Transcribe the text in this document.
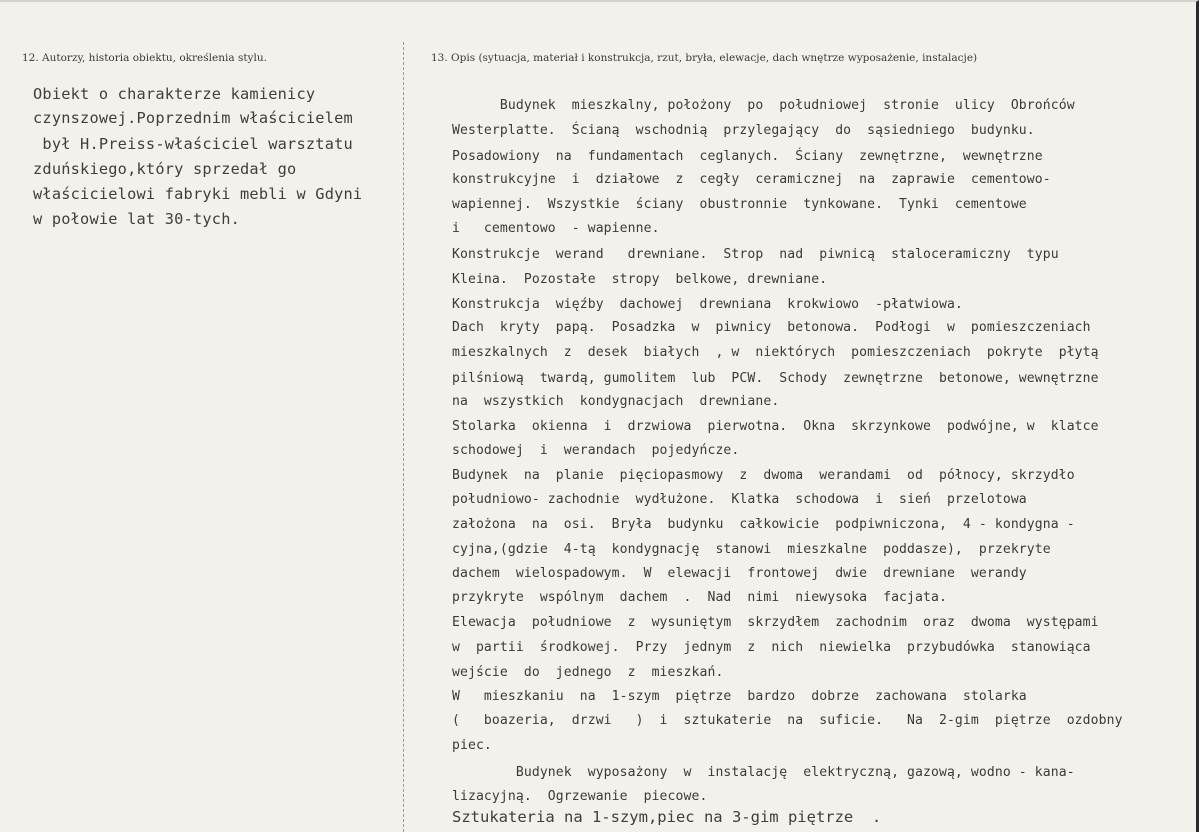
12. Autorzy, historia obiektu, określenia stylu.	13. Opis (sytuacja, materiał i konstrukcja, rzut, bryła, elewacje, dach wnętrze wyposażenie, instalacje)
Obiekt o charakterze kamienicy
czynszowej.Poprzednim właścicielem
był H.Preiss-właściciel warsztatu
zduńskiego,który sprzedał go
właścicielowi fabryki mebli w Gdyni
w połowie lat 30-tych.
Budynek  mieszkalny, położony  po  południowej  stronie  ulicy  Obrońców
Westerplatte.  Ścianą  wschodnią  przylegający  do  sąsiedniego  budynku.
Posadowiony  na  fundamentach  ceglanych.  Ściany  zewnętrzne,  wewnętrzne
konstrukcyjne  i  działowe  z  cegły  ceramicznej  na  zaprawie  cementowo-
wapiennej.  Wszystkie  ściany  obustronnie  tynkowane.  Tynki  cementowe
i   cementowo  - wapienne.
Konstrukcje  werand   drewniane.  Strop  nad  piwnicą  staloceramiczny  typu
Kleina.  Pozostałe  stropy  belkowe, drewniane.
Konstrukcja  więźby  dachowej  drewniana  krokwiowo  -płatwiowa.
Dach  kryty  papą.  Posadzka  w  piwnicy  betonowa.  Podłogi  w  pomieszczeniach
mieszkalnych  z  desek  białych  , w  niektórych  pomieszczeniach  pokryte  płytą
pilśniową  twardą, gumolitem  lub  PCW.  Schody  zewnętrzne  betonowe, wewnętrzne
na  wszystkich  kondygnacjach  drewniane.
Stolarka  okienna  i  drzwiowa  pierwotna.  Okna  skrzynkowe  podwójne, w  klatce
schodowej  i  werandach  pojedyńcze.
Budynek  na  planie  pięciopasmowy  z  dwoma  werandami  od  północy, skrzydło
południowo- zachodnie  wydłużone.  Klatka  schodowa  i  sień  przelotowa
założona  na  osi.  Bryła  budynku  całkowicie  podpiwniczona,  4 - kondygna -
cyjna,(gdzie  4-tą  kondygnację  stanowi  mieszkalne  poddasze),  przekryte
dachem  wielospadowym.  W  elewacji  frontowej  dwie  drewniane  werandy
przykryte  wspólnym  dachem  .  Nad  nimi  niewysoka  facjata.
Elewacja  południowe  z  wysuniętym  skrzydłem  zachodnim  oraz  dwoma  występami
w  partii  środkowej.  Przy  jednym  z  nich  niewielka  przybudówka  stanowiąca
wejście  do  jednego  z  mieszkań.
W   mieszkaniu  na  1-szym  piętrze  bardzo  dobrze  zachowana  stolarka
(   boazeria,  drzwi   )  i  sztukaterie  na  suficie.   Na  2-gim  piętrze  ozdobny
piec.
Budynek  wyposażony  w  instalację  elektryczną, gazową, wodno - kana-
lizacyjną.  Ogrzewanie  piecowe.
Sztukateria na 1-szym,piec na 3-gim piętrze  .
